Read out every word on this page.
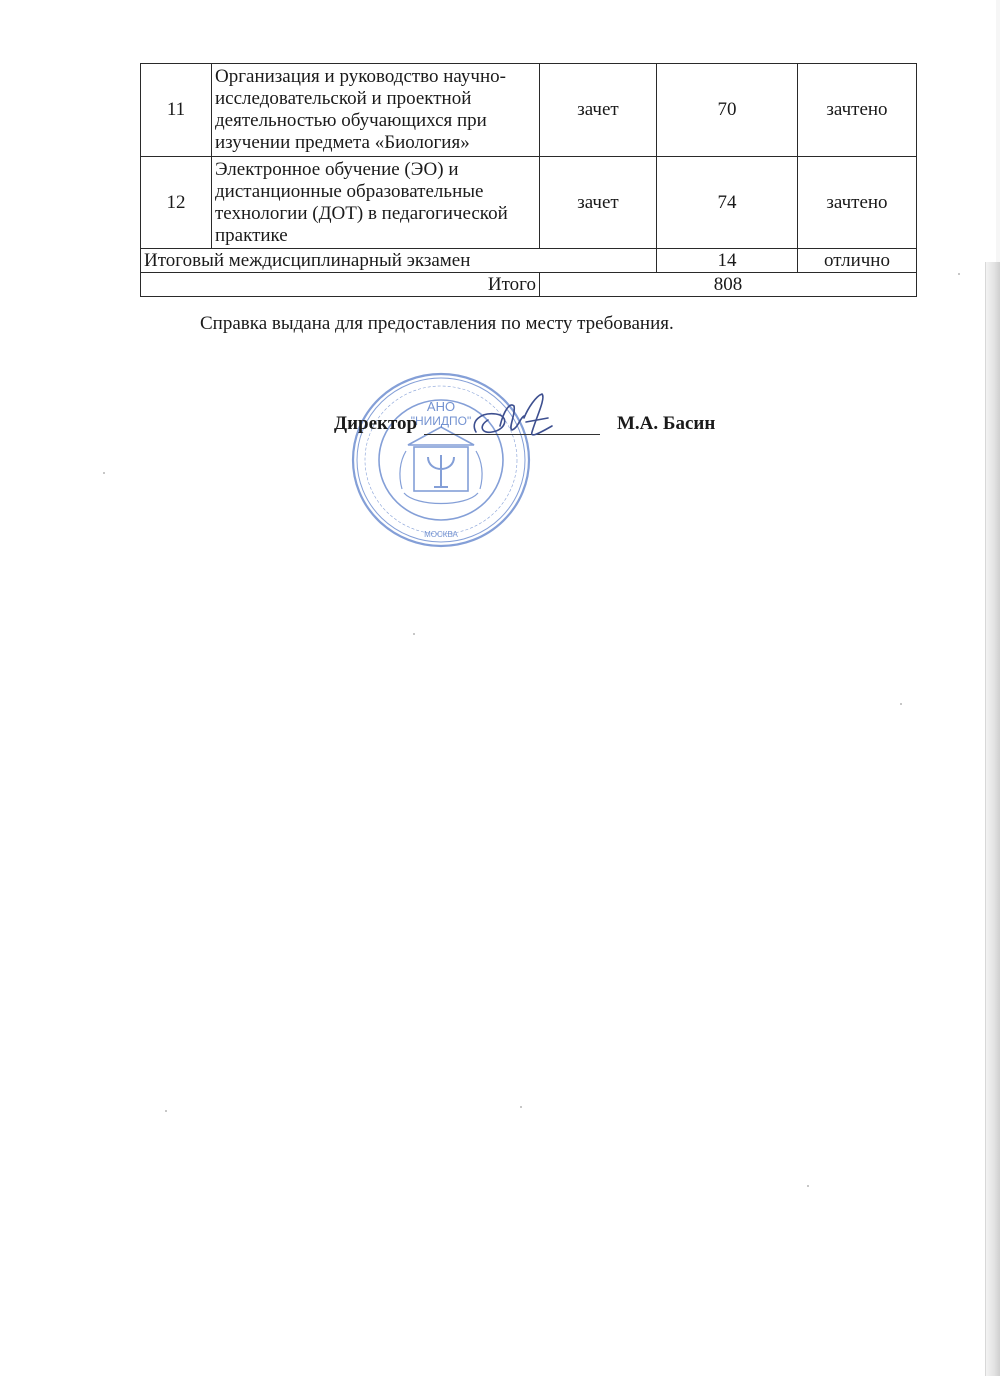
11	Организация и руководство научно-
исследовательской и проектной
деятельностью обучающихся при
изучении предмета «Биология»	зачет	70	зачтено
12	Электронное обучение (ЭО) и
дистанционные образовательные
технологии (ДОТ) в педагогической
практике	зачет	74	зачтено
Итоговый междисциплинарный экзамен			14	отлично
Итого		808		
Справка выдана для предоставления по месту требования.
АНО
"НИИДПО"
МОСКВА
Директор	М.А. Басин
